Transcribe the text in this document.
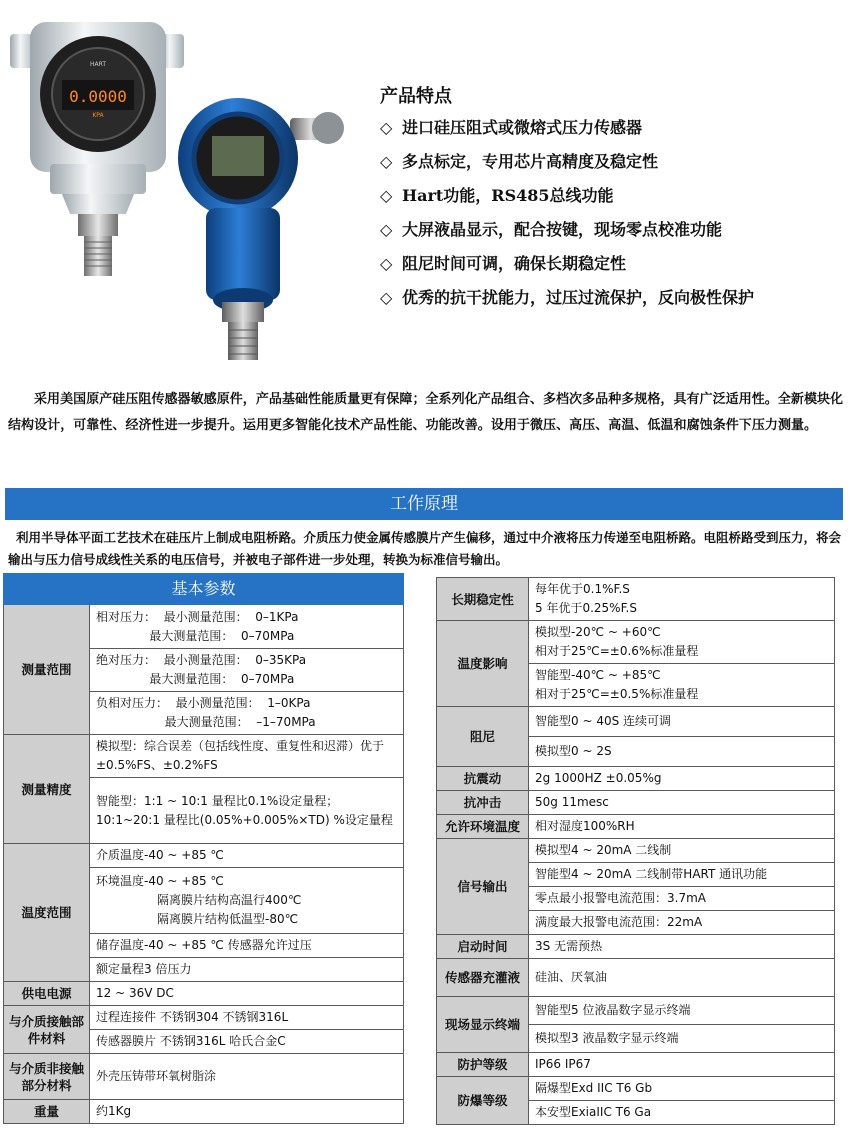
0.0000
KPA
HART
产品特点
◇ 进口硅压阻式或微熔式压力传感器
◇ 多点标定，专用芯片高精度及稳定性
◇ Hart功能，RS485总线功能
◇ 大屏液晶显示，配合按键，现场零点校准功能
◇ 阻尼时间可调，确保长期稳定性
◇ 优秀的抗干扰能力，过压过流保护，反向极性保护

采用美国原产硅压阻传感器敏感原件，产品基础性能质量更有保障；全系列化产品组合、多档次多品种多规格，具有广泛适用性。全新模块化结构设计，可靠性、经济性进一步提升。运用更多智能化技术产品性能、功能改善。设用于微压、高压、高温、低温和腐蚀条件下压力测量。

工作原理

利用半导体平面工艺技术在硅压片上制成电阻桥路。介质压力使金属传感膜片产生偏移，通过中介液将压力传递至电阻桥路。电阻桥路受到压力，将会输出与压力信号成线性关系的电压信号，并被电子部件进一步处理，转换为标准信号输出。

基本参数	
测量范围	相对压力：  最小测量范围：  0–1KPa
最大测量范围：  0–70MPa

	绝对压力：  最小测量范围：  0–35KPa
最大测量范围：  0–70MPa

	负相对压力：  最小测量范围：  1–0KPa
最大测量范围：  –1–70MPa

测量精度	模拟型：综合误差（包括线性度、重复性和迟滞）优于±0.5%FS、±0.2%FS
	智能型：1:1 ~ 10:1 量程比0.1%设定量程；10:1~20:1 量程比(0.05%+0.005%×TD) %设定量程
温度范围	介质温度-40 ~ +85 ℃

	环境温度-40 ~ +85 ℃
隔离膜片结构高温行400℃
隔离膜片结构低温型-80℃

	储存温度-40 ~ +85 ℃ 传感器允许过压
	额定量程3 倍压力
供电电源	12 ~ 36V DC
与介质接触部件材料	过程连接件 不锈钢304 不锈钢316L
	传感器膜片 不锈钢316L 哈氏合金C
与介质非接触部分材料	外壳压铸带环氧树脂涂
重量	约1Kg
长期稳定性	每年优于0.1%F.S
5 年优于0.25%F.S

温度影响	模拟型-20℃ ~ +60℃
相对于25℃=±0.6%标准量程

	智能型-40℃ ~ +85℃
相对于25℃=±0.5%标准量程

阻尼	智能型0 ~ 40S 连续可调
	模拟型0 ~ 2S
抗震动	2g 1000HZ ±0.05%g
抗冲击	50g 11mesc
允许环境温度	相对湿度100%RH
信号输出	模拟型4 ~ 20mA 二线制
	智能型4 ~ 20mA 二线制带HART 通讯功能
	零点最小报警电流范围：3.7mA
	满度最大报警电流范围：22mA
启动时间	3S 无需预热
传感器充灌液	硅油、厌氧油
现场显示终端	智能型5 位液晶数字显示终端
	模拟型3 液晶数字显示终端
防护等级	IP66 IP67
防爆等级	隔爆型Exd IIC T6 Gb
	本安型ExiaIIC T6 Ga
